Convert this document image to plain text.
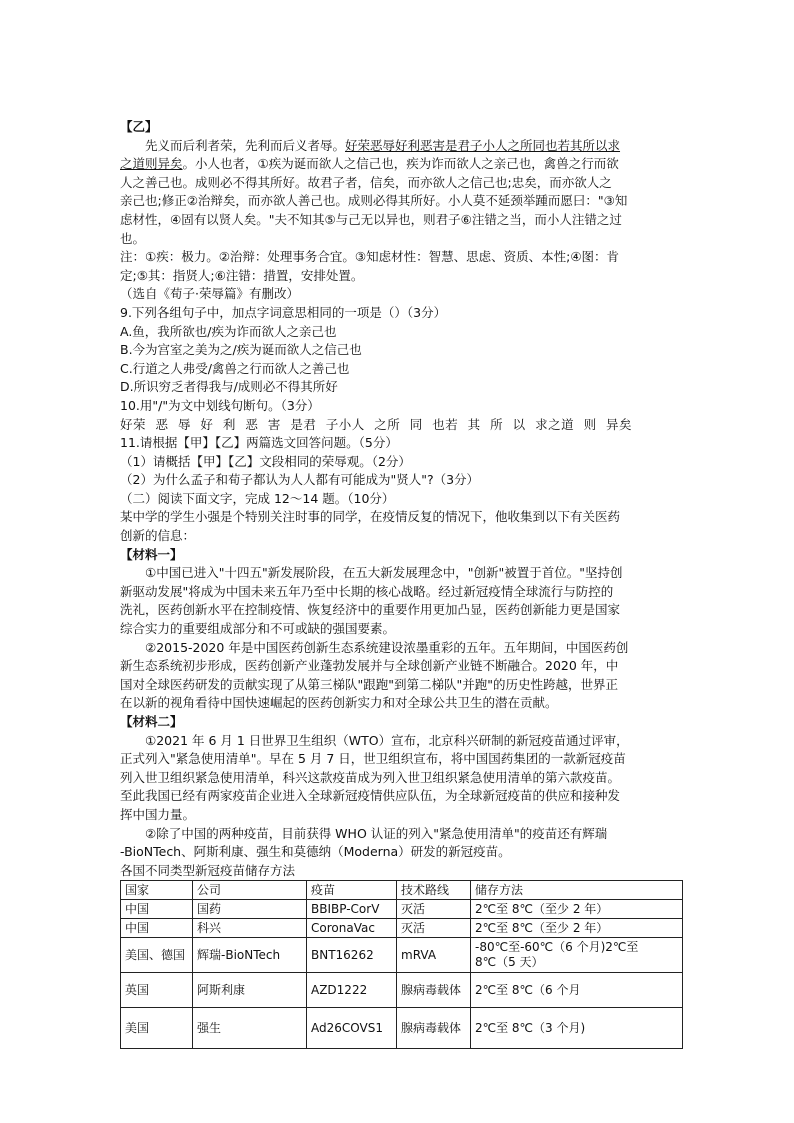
【乙】
先义而后利者荣，先利而后义者辱。好荣恶辱好利恶害是君子小人之所同也若其所以求
之道则异矣。小人也者，①疾为诞而欲人之信己也，疾为诈而欲人之亲己也，禽兽之行而欲
人之善己也。成则必不得其所好。故君子者，信矣，而亦欲人之信己也;忠矣，而亦欲人之
亲己也;修正②治辩矣，而亦欲人善己也。成则必得其所好。小人莫不延颈举踵而愿曰："③知
虑材性，④固有以贤人矣。"夫不知其⑤与己无以异也，则君子⑥注错之当，而小人注错之过
也。
注：①疾：极力。②治辩：处理事务合宜。③知虑材性：智慧、思虑、资质、本性;④图：肯
定;⑤其：指贤人;⑥注错：措置，安排处置。
（选自《荀子·荣辱篇》有删改）
9.下列各组句子中，加点字词意思相同的一项是（）（3分）
A.鱼，我所欲也/疾为诈而欲人之亲己也
B.今为宫室之美为之/疾为诞而欲人之信己也
C.行道之人弗受/禽兽之行而欲人之善己也
D.所识穷乏者得我与/成则必不得其所好
10.用"/"为文中划线句断句。（3分）
好荣 恶 辱 好 利 恶 害 是君 子小人 之所 同 也若 其 所 以 求之道 则 异矣
11.请根据【甲】【乙】两篇选文回答问题。（5分）
（1）请概括【甲】【乙】文段相同的荣辱观。（2分）
（2）为什么孟子和荀子都认为人人都有可能成为"贤人"?（3分）
（二）阅读下面文字，完成 12～14 题。（10分）
某中学的学生小强是个特别关注时事的同学，在疫情反复的情况下，他收集到以下有关医药
创新的信息：
【材料一】
①中国已进入"十四五"新发展阶段，在五大新发展理念中，"创新"被置于首位。"坚持创
新驱动发展"将成为中国未来五年乃至中长期的核心战略。经过新冠疫情全球流行与防控的
洗礼，医药创新水平在控制疫情、恢复经济中的重要作用更加凸显，医药创新能力更是国家
综合实力的重要组成部分和不可或缺的强国要素。
②2015-2020 年是中国医药创新生态系统建设浓墨重彩的五年。五年期间，中国医药创
新生态系统初步形成，医药创新产业蓬勃发展并与全球创新产业链不断融合。2020 年，中
国对全球医药研发的贡献实现了从第三梯队"跟跑"到第二梯队"并跑"的历史性跨越，世界正
在以新的视角看待中国快速崛起的医药创新实力和对全球公共卫生的潜在贡献。
【材料二】
①2021 年 6 月 1 日世界卫生组织（WTO）宣布，北京科兴研制的新冠疫苗通过评审，
正式列入"紧急使用清单"。早在 5 月 7 日，世卫组织宣布，将中国国药集团的一款新冠疫苗
列入世卫组织紧急使用清单，科兴这款疫苗成为列入世卫组织紧急使用清单的第六款疫苗。
至此我国已经有两家疫苗企业进入全球新冠疫情供应队伍，为全球新冠疫苗的供应和接种发
挥中国力量。
②除了中国的两种疫苗，目前获得 WHO 认证的列入"紧急使用清单"的疫苗还有辉瑞
-BioNTech、阿斯利康、强生和莫德纳（Moderna）研发的新冠疫苗。
各国不同类型新冠疫苗储存方法
国家	公司	疫苗	技术路线	储存方法
中国	国药	BBIBP-CorV	灭活	2℃至 8℃（至少 2 年）
中国	科兴	CoronaVac	灭活	2℃至 8℃（至少 2 年）
美国、德国	辉瑞-BioNTech	BNT16262	mRVA	-80℃至-60℃（6 个月)2℃至 8℃（5 天）
英国	阿斯利康	AZD1222	腺病毒载体	2℃至 8℃（6 个月
美国	强生	Ad26COVS1	腺病毒载体	2℃至 8℃（3 个月)
